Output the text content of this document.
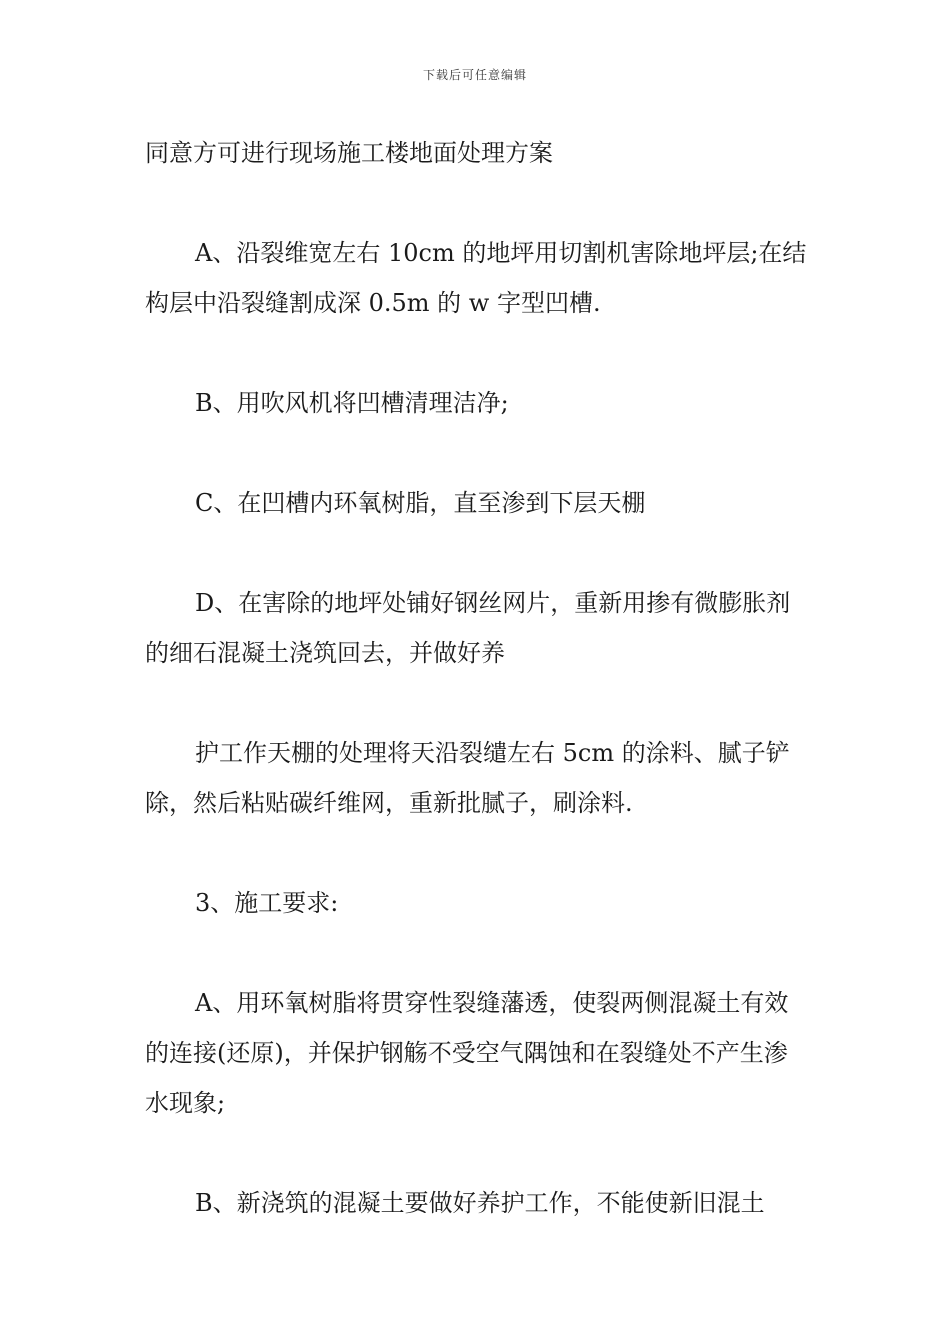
下载后可任意编辑

同意方可进行现场施工楼地面处理方案

A、沿裂维宽左右 10cm 的地坪用切割机害除地坪层;在结构层中沿裂缝割成深 0.5m 的 w 字型凹槽.

B、用吹风机将凹槽清理洁净;

C、在凹槽内环氧树脂，直至渗到下层天棚

D、在害除的地坪处铺好钢丝网片，重新用掺有微膨胀剂的细石混凝土浇筑回去，并做好养

护工作天棚的处理将天沿裂缱左右 5cm 的涂料、腻子铲除，然后粘贴碳纤维网，重新批腻子，刷涂料.

3、施工要求:

A、用环氧树脂将贯穿性裂缝藩透，使裂两侧混凝土有效的连接(还原)，并保护钢觞不受空气隅蚀和在裂缝处不产生渗水现象;

B、新浇筑的混凝土要做好养护工作，不能使新旧混土
